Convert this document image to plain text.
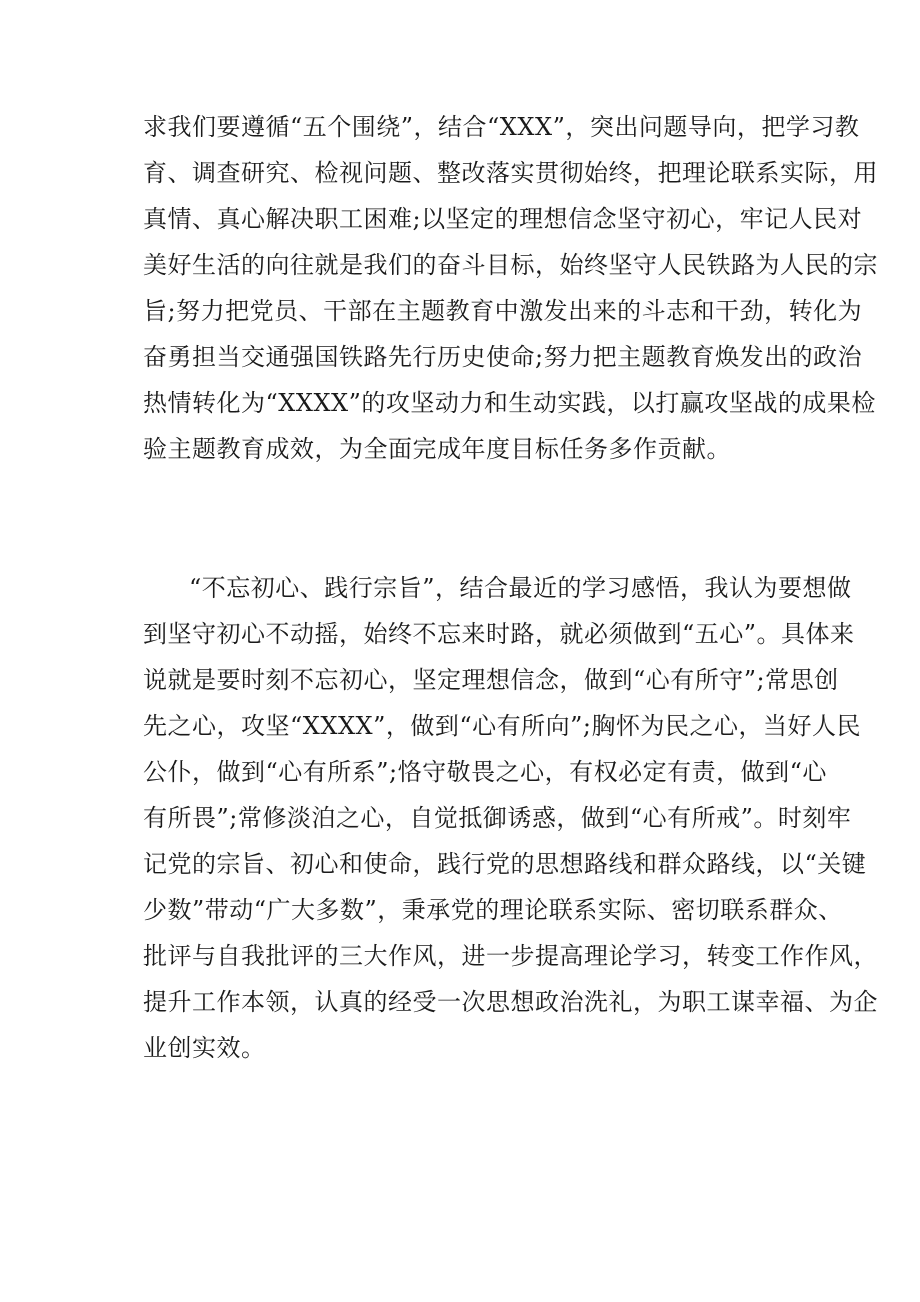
求我们要遵循“五个围绕”，结合“XXX”，突出问题导向，把学习教
育、调查研究、检视问题、整改落实贯彻始终，把理论联系实际，用
真情、真心解决职工困难;以坚定的理想信念坚守初心，牢记人民对
美好生活的向往就是我们的奋斗目标，始终坚守人民铁路为人民的宗
旨;努力把党员、干部在主题教育中激发出来的斗志和干劲，转化为
奋勇担当交通强国铁路先行历史使命;努力把主题教育焕发出的政治
热情转化为“XXXX”的攻坚动力和生动实践，以打赢攻坚战的成果检
验主题教育成效，为全面完成年度目标任务多作贡献。
“不忘初心、践行宗旨”，结合最近的学习感悟，我认为要想做
到坚守初心不动摇，始终不忘来时路，就必须做到“五心”。具体来
说就是要时刻不忘初心，坚定理想信念，做到“心有所守”;常思创
先之心，攻坚“XXXX”，做到“心有所向”;胸怀为民之心，当好人民
公仆，做到“心有所系”;恪守敬畏之心，有权必定有责，做到“心
有所畏”;常修淡泊之心，自觉抵御诱惑，做到“心有所戒”。时刻牢
记党的宗旨、初心和使命，践行党的思想路线和群众路线，以“关键
少数”带动“广大多数”，秉承党的理论联系实际、密切联系群众、
批评与自我批评的三大作风，进一步提高理论学习，转变工作作风，
提升工作本领，认真的经受一次思想政治洗礼，为职工谋幸福、为企
业创实效。
